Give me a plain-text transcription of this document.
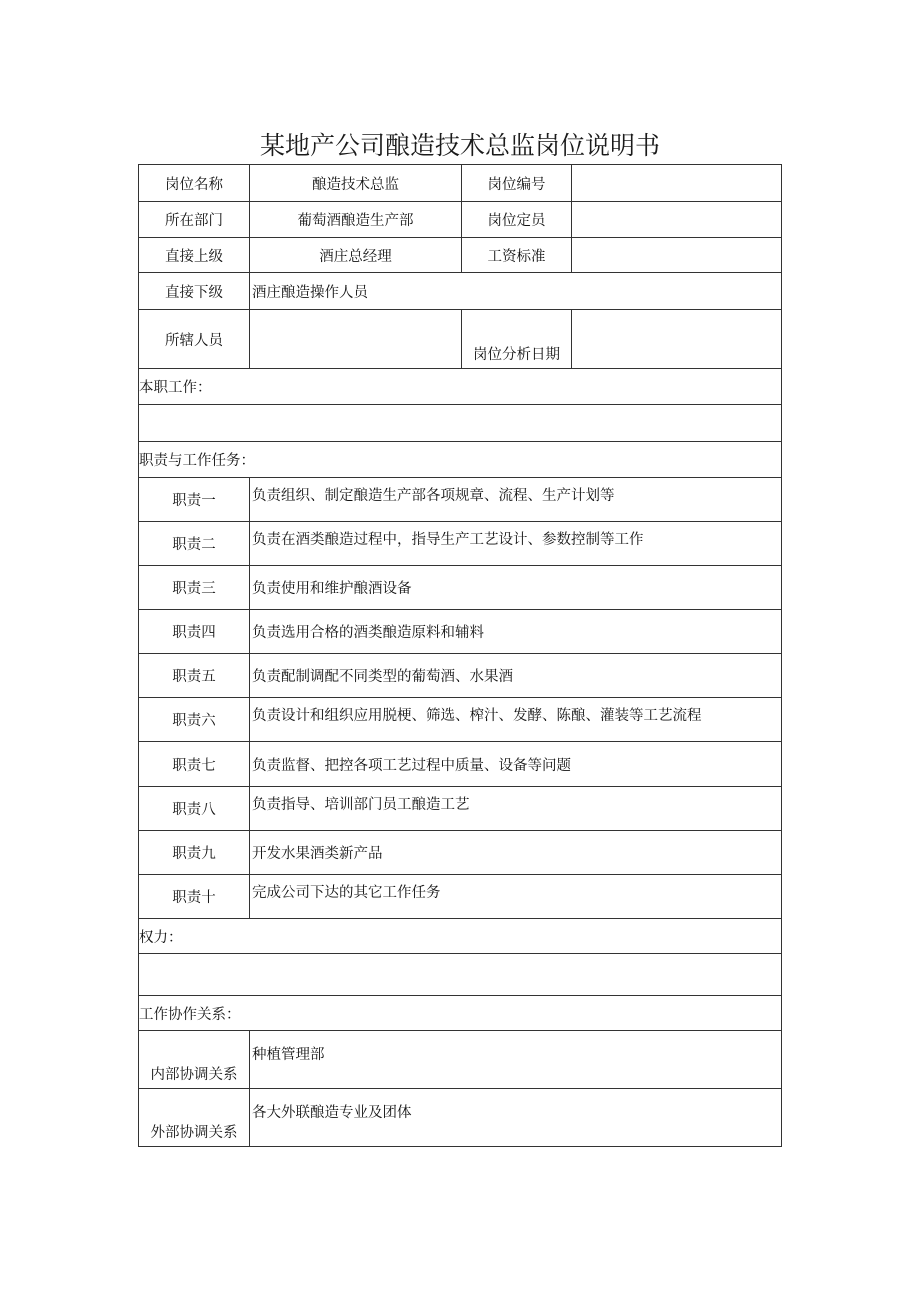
某地产公司酿造技术总监岗位说明书
岗位名称	酿造技术总监	岗位编号	
所在部门	葡萄酒酿造生产部	岗位定员	
直接上级	酒庄总经理	工资标准	
直接下级	酒庄酿造操作人员		
所辖人员		岗位分析日期	
本职工作：			

职责与工作任务：			
职责一	负责组织、制定酿造生产部各项规章、流程、生产计划等		
职责二	负责在酒类酿造过程中，指导生产工艺设计、参数控制等工作		
职责三	负责使用和维护酿酒设备		
职责四	负责选用合格的酒类酿造原料和辅料		
职责五	负责配制调配不同类型的葡萄酒、水果酒		
职责六	负责设计和组织应用脱梗、筛选、榨汁、发酵、陈酿、灌装等工艺流程		
职责七	负责监督、把控各项工艺过程中质量、设备等问题		
职责八	负责指导、培训部门员工酿造工艺		
职责九	开发水果酒类新产品		
职责十	完成公司下达的其它工作任务		
权力：			

工作协作关系：			
内部协调关系	种植管理部		
外部协调关系	各大外联酿造专业及团体		
